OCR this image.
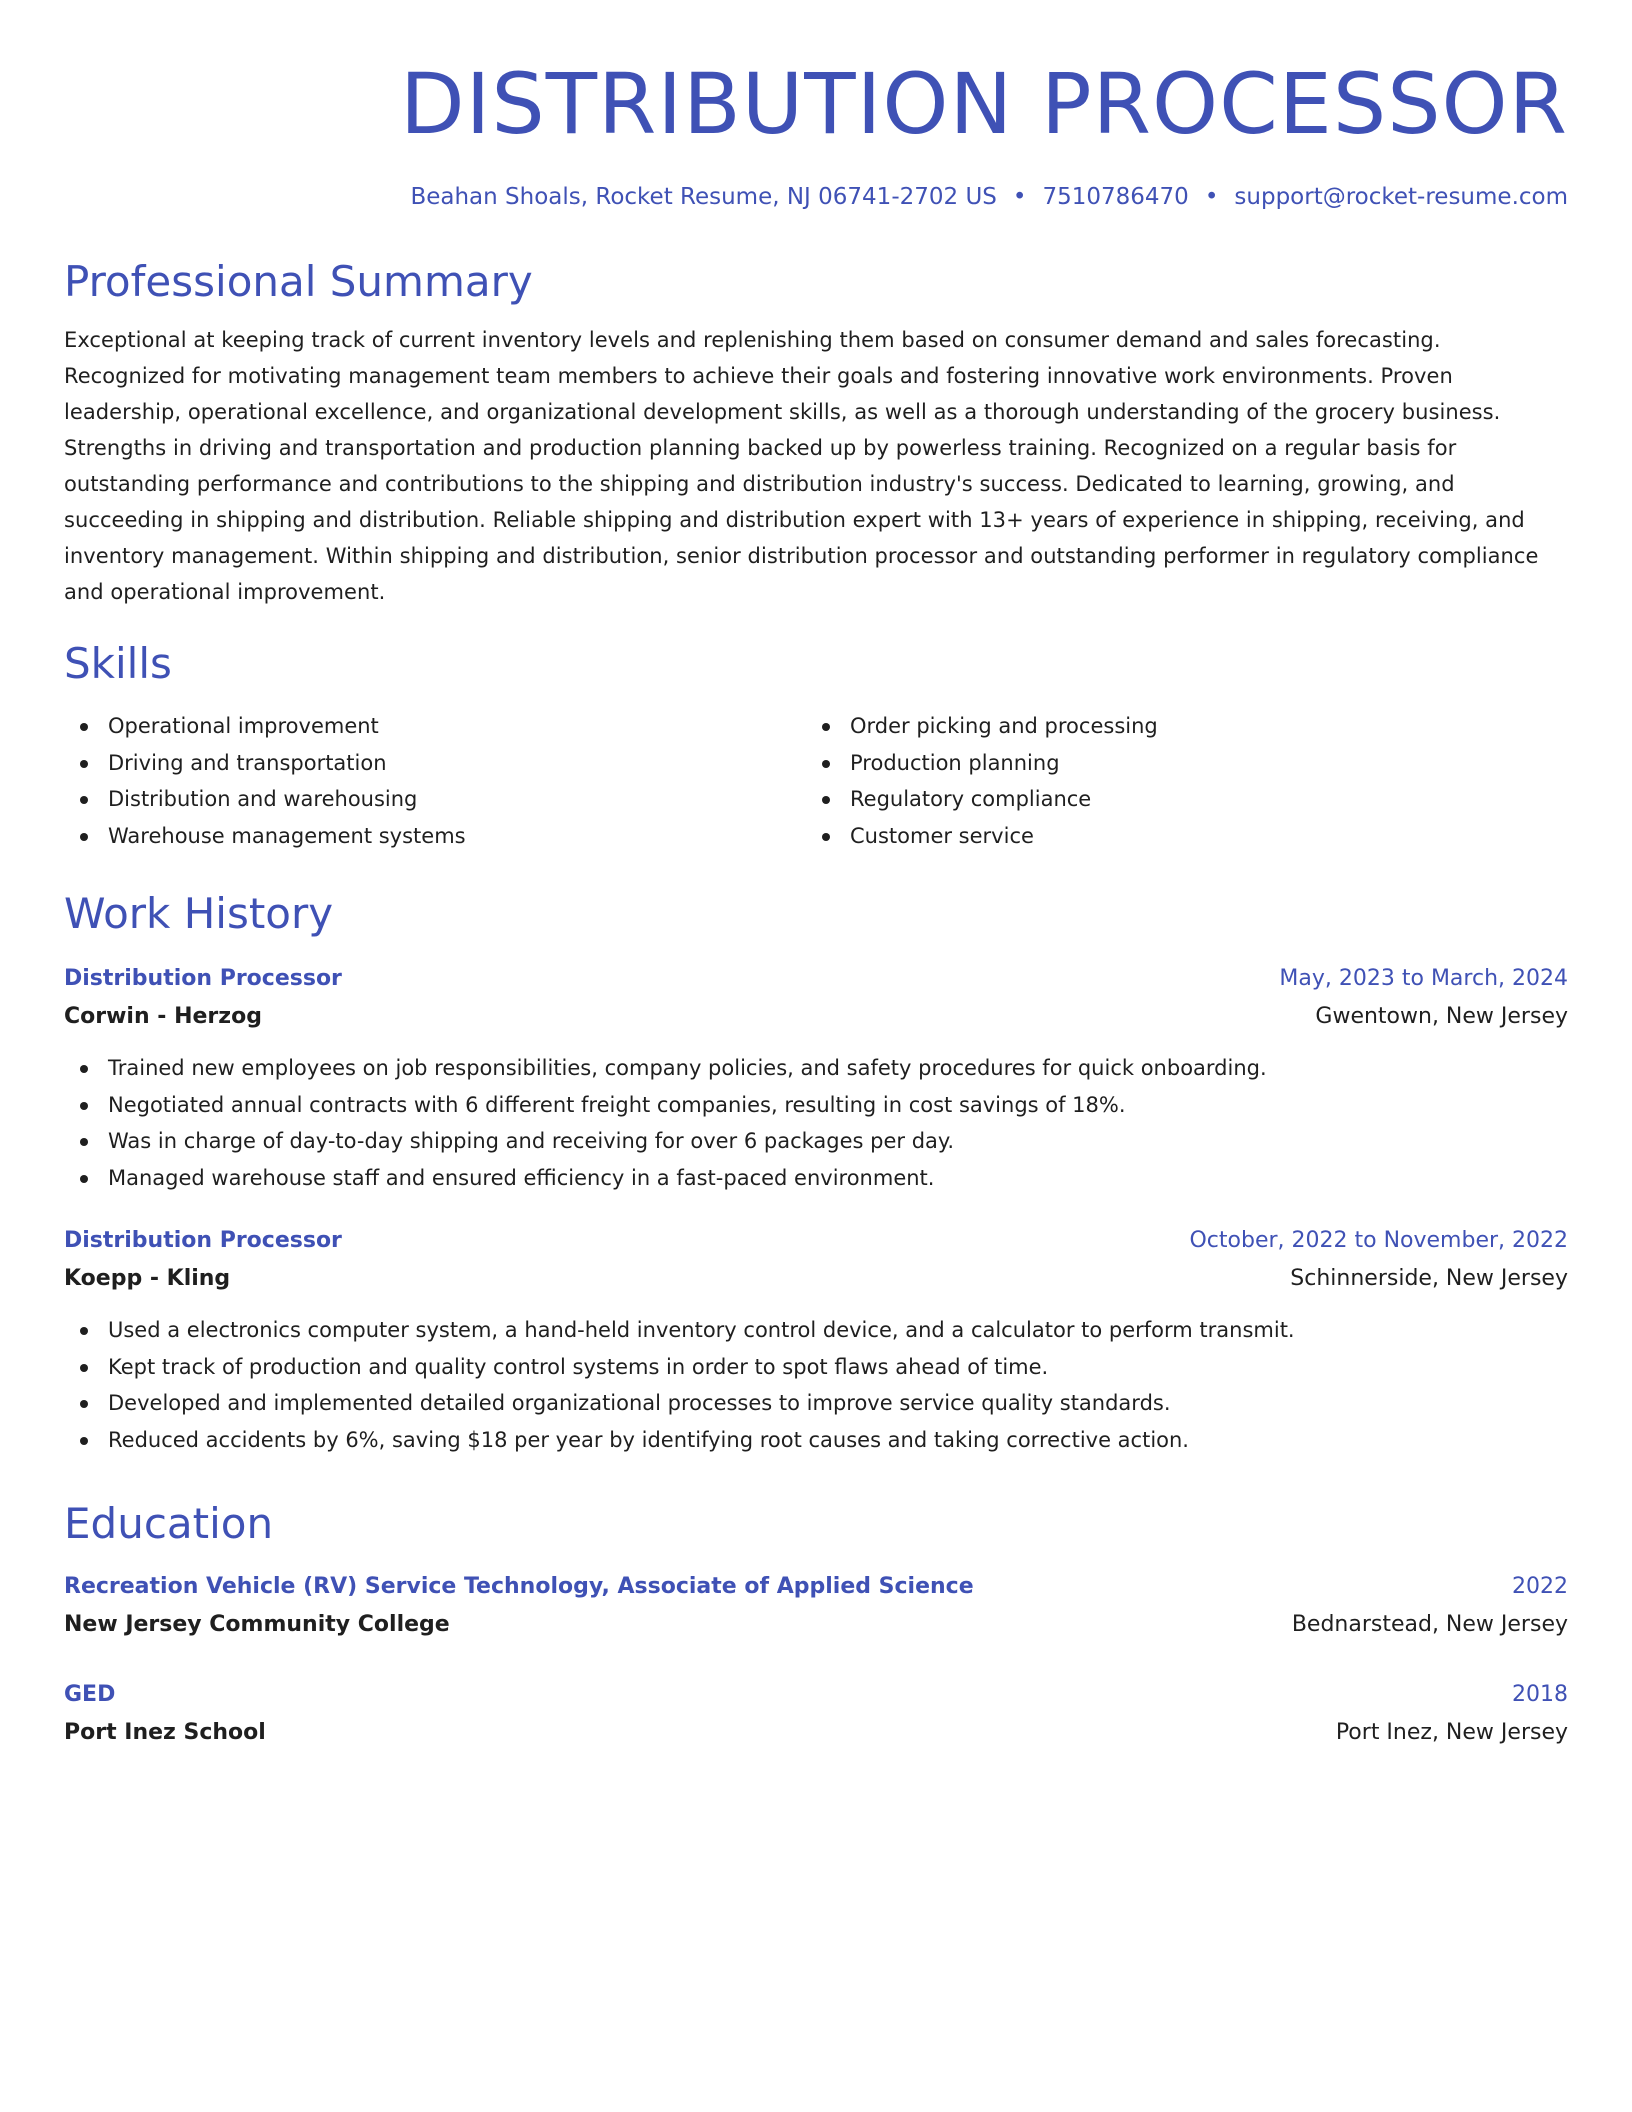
DISTRIBUTION PROCESSOR
Beahan Shoals, Rocket Resume, NJ 06741-2702 US • 7510786470 • support@rocket-resume.com
Professional Summary
Exceptional at keeping track of current inventory levels and replenishing them based on consumer demand and sales forecasting. Recognized for motivating management team members to achieve their goals and fostering innovative work environments. Proven leadership, operational excellence, and organizational development skills, as well as a thorough understanding of the grocery business. Strengths in driving and transportation and production planning backed up by powerless training. Recognized on a regular basis for outstanding performance and contributions to the shipping and distribution industry's success. Dedicated to learning, growing, and succeeding in shipping and distribution. Reliable shipping and distribution expert with 13+ years of experience in shipping, receiving, and inventory management. Within shipping and distribution, senior distribution processor and outstanding performer in regulatory compliance and operational improvement.
Skills
Operational improvement
Driving and transportation
Distribution and warehousing
Warehouse management systems
Order picking and processing
Production planning
Regulatory compliance
Customer service
Work History
Distribution Processor	May, 2023 to March, 2024
Corwin - Herzog	Gwentown, New Jersey
Trained new employees on job responsibilities, company policies, and safety procedures for quick onboarding.
Negotiated annual contracts with 6 different freight companies, resulting in cost savings of 18%.
Was in charge of day-to-day shipping and receiving for over 6 packages per day.
Managed warehouse staff and ensured efficiency in a fast-paced environment.
Distribution Processor	October, 2022 to November, 2022
Koepp - Kling	Schinnerside, New Jersey
Used a electronics computer system, a hand-held inventory control device, and a calculator to perform transmit.
Kept track of production and quality control systems in order to spot flaws ahead of time.
Developed and implemented detailed organizational processes to improve service quality standards.
Reduced accidents by 6%, saving $18 per year by identifying root causes and taking corrective action.
Education
Recreation Vehicle (RV) Service Technology, Associate of Applied Science	2022
New Jersey Community College	Bednarstead, New Jersey
GED	2018
Port Inez School	Port Inez, New Jersey
